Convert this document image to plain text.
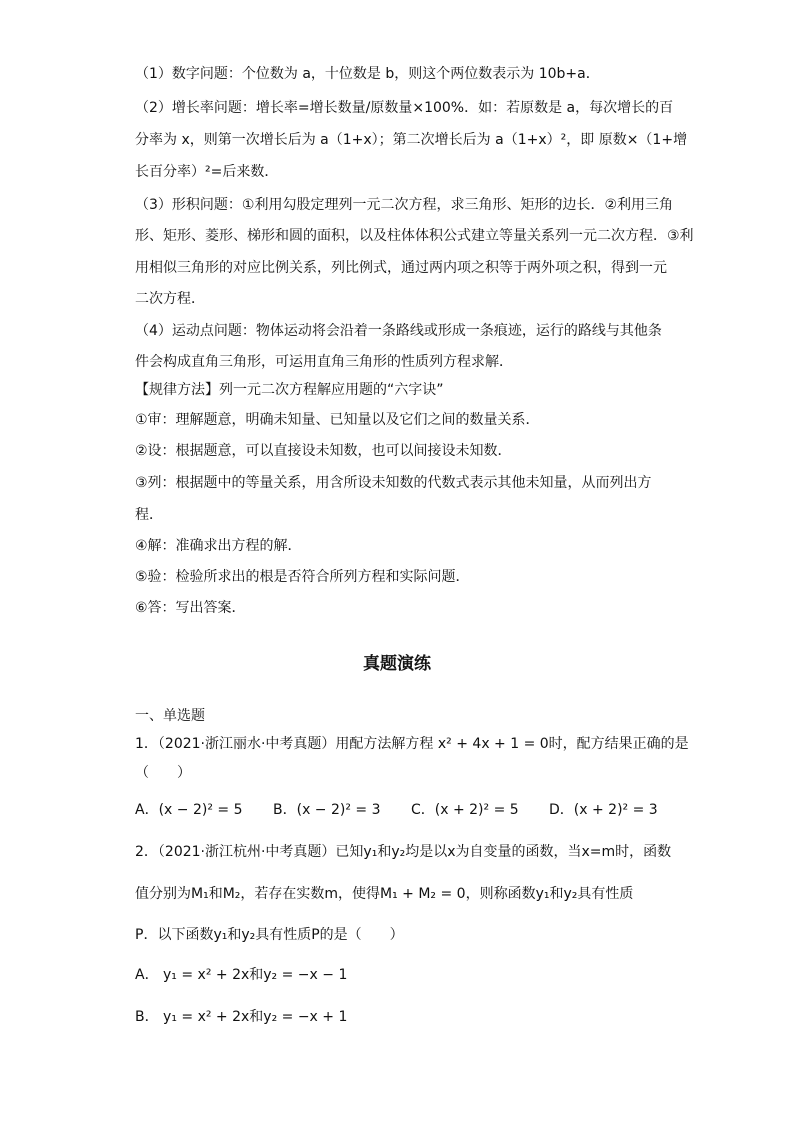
（1）数字问题：个位数为 a，十位数是 b，则这个两位数表示为 10b+a．
（2）增长率问题：增长率=增长数量/原数量×100%．如：若原数是 a，每次增长的百
分率为 x，则第一次增长后为 a（1+x）；第二次增长后为 a（1+x）²，即 原数×（1+增
长百分率）²=后来数．
（3）形积问题：①利用勾股定理列一元二次方程，求三角形、矩形的边长．②利用三角
形、矩形、菱形、梯形和圆的面积，以及柱体体积公式建立等量关系列一元二次方程．③利
用相似三角形的对应比例关系，列比例式，通过两内项之积等于两外项之积，得到一元
二次方程．
（4）运动点问题：物体运动将会沿着一条路线或形成一条痕迹，运行的路线与其他条
件会构成直角三角形，可运用直角三角形的性质列方程求解．
【规律方法】列一元二次方程解应用题的“六字诀”
①审：理解题意，明确未知量、已知量以及它们之间的数量关系．
②设：根据题意，可以直接设未知数，也可以间接设未知数．
③列：根据题中的等量关系，用含所设未知数的代数式表示其他未知量，从而列出方
程．
④解：准确求出方程的解．
⑤验：检验所求出的根是否符合所列方程和实际问题．
⑥答：写出答案．
真题演练
一、单选题
1．（2021·浙江丽水·中考真题）用配方法解方程 x² + 4x + 1 = 0时，配方结果正确的是
（　　）
A．(x − 2)² = 5 B．(x − 2)² = 3 C．(x + 2)² = 5 D．(x + 2)² = 3
2．（2021·浙江杭州·中考真题）已知y₁和y₂均是以x为自变量的函数，当x=m时，函数
值分别为M₁和M₂，若存在实数m，使得M₁ + M₂ = 0，则称函数y₁和y₂具有性质
P．以下函数y₁和y₂具有性质P的是（　　）
A． y₁ = x² + 2x和y₂ = −x − 1
B． y₁ = x² + 2x和y₂ = −x + 1
